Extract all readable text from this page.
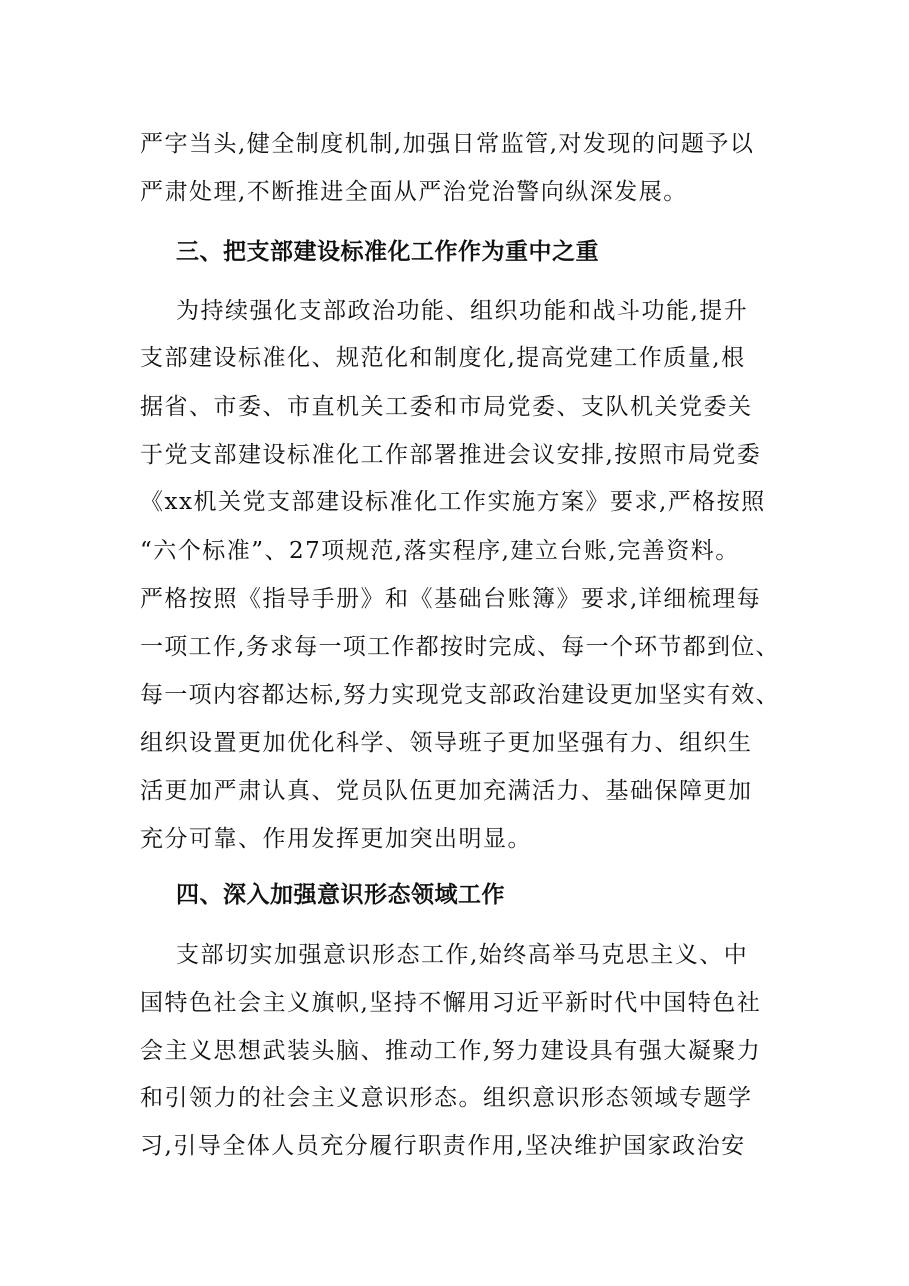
严字当头,健全制度机制,加强日常监管,对发现的问题予以
严肃处理,不断推进全面从严治党治警向纵深发展。
三、把支部建设标准化工作作为重中之重
为持续强化支部政治功能、组织功能和战斗功能,提升
支部建设标准化、规范化和制度化,提高党建工作质量,根
据省、市委、市直机关工委和市局党委、支队机关党委关
于党支部建设标准化工作部署推进会议安排,按照市局党委
《xx机关党支部建设标准化工作实施方案》要求,严格按照
“六个标准”、27项规范,落实程序,建立台账,完善资料。
严格按照《指导手册》和《基础台账簿》要求,详细梳理每
一项工作,务求每一项工作都按时完成、每一个环节都到位、
每一项内容都达标,努力实现党支部政治建设更加坚实有效、
组织设置更加优化科学、领导班子更加坚强有力、组织生
活更加严肃认真、党员队伍更加充满活力、基础保障更加
充分可靠、作用发挥更加突出明显。
四、深入加强意识形态领域工作
支部切实加强意识形态工作,始终高举马克思主义、中
国特色社会主义旗帜,坚持不懈用习近平新时代中国特色社
会主义思想武装头脑、推动工作,努力建设具有强大凝聚力
和引领力的社会主义意识形态。组织意识形态领域专题学
习,引导全体人员充分履行职责作用,坚决维护国家政治安
